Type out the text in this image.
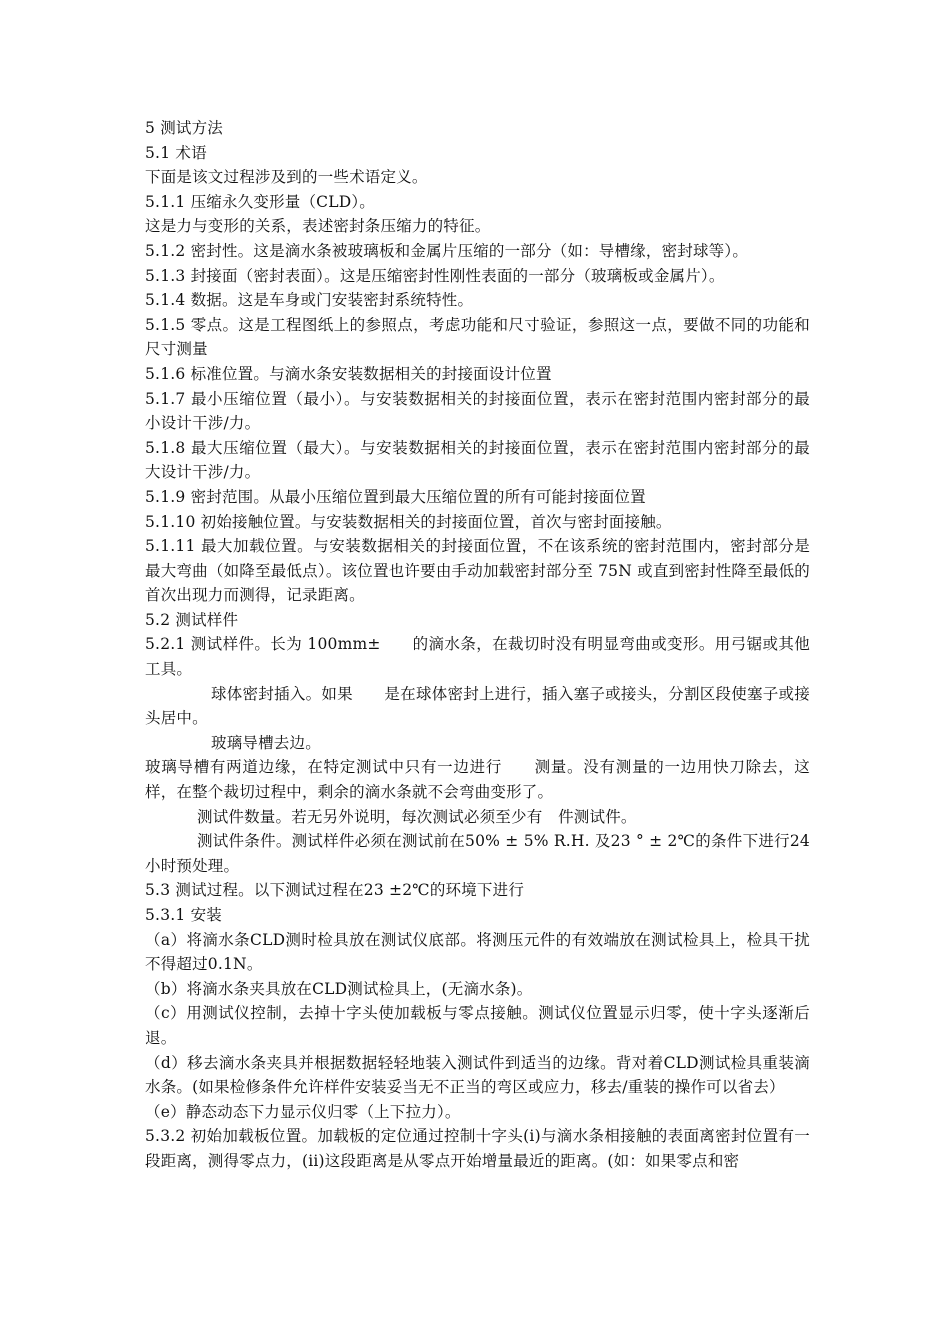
5 测试方法

5.1 术语

下面是该文过程涉及到的一些术语定义。

5.1.1 压缩永久变形量（CLD）。

这是力与变形的关系，表述密封条压缩力的特征。

5.1.2 密封性。这是滴水条被玻璃板和金属片压缩的一部分（如：导槽缘，密封球等）。

5.1.3 封接面（密封表面）。这是压缩密封性刚性表面的一部分（玻璃板或金属片）。

5.1.4 数据。这是车身或门安装密封系统特性。

5.1.5 零点。这是工程图纸上的参照点，考虑功能和尺寸验证，参照这一点，要做不同的功能和尺寸测量

5.1.6 标准位置。与滴水条安装数据相关的封接面设计位置

5.1.7 最小压缩位置（最小）。与安装数据相关的封接面位置，表示在密封范围内密封部分的最小设计干涉/力。

5.1.8 最大压缩位置（最大）。与安装数据相关的封接面位置，表示在密封范围内密封部分的最大设计干涉/力。

5.1.9 密封范围。从最小压缩位置到最大压缩位置的所有可能封接面位置

5.1.10 初始接触位置。与安装数据相关的封接面位置，首次与密封面接触。

5.1.11 最大加载位置。与安装数据相关的封接面位置，不在该系统的密封范围内，密封部分是最大弯曲（如降至最低点）。该位置也许要由手动加载密封部分至 75N 或直到密封性降至最低的首次出现力而测得，记录距离。

5.2 测试样件

5.2.1 测试样件。长为 100mm±　　的滴水条，在裁切时没有明显弯曲或变形。用弓锯或其他工具。

球体密封插入。如果　　是在球体密封上进行，插入塞子或接头，分割区段使塞子或接头居中。

玻璃导槽去边。

玻璃导槽有两道边缘，在特定测试中只有一边进行　　测量。没有测量的一边用快刀除去，这样，在整个裁切过程中，剩余的滴水条就不会弯曲变形了。

测试件数量。若无另外说明，每次测试必须至少有　件测试件。

测试件条件。测试样件必须在测试前在50% ± 5% R.H. 及23 ° ± 2℃的条件下进行24小时预处理。

5.3 测试过程。以下测试过程在23 ±2℃的环境下进行

5.3.1 安装

（a）将滴水条CLD测时检具放在测试仪底部。将测压元件的有效端放在测试检具上，检具干扰不得超过0.1N。

（b）将滴水条夹具放在CLD测试检具上，(无滴水条)。

（c）用测试仪控制，去掉十字头使加载板与零点接触。测试仪位置显示归零，使十字头逐渐后退。

（d）移去滴水条夹具并根据数据轻轻地装入测试件到适当的边缘。背对着CLD测试检具重装滴水条。(如果检修条件允许样件安装妥当无不正当的弯区或应力，移去/重装的操作可以省去）

（e）静态动态下力显示仪归零（上下拉力）。

5.3.2 初始加载板位置。加载板的定位通过控制十字头(i)与滴水条相接触的表面离密封位置有一段距离，测得零点力，(ii)这段距离是从零点开始增量最近的距离。(如：如果零点和密
